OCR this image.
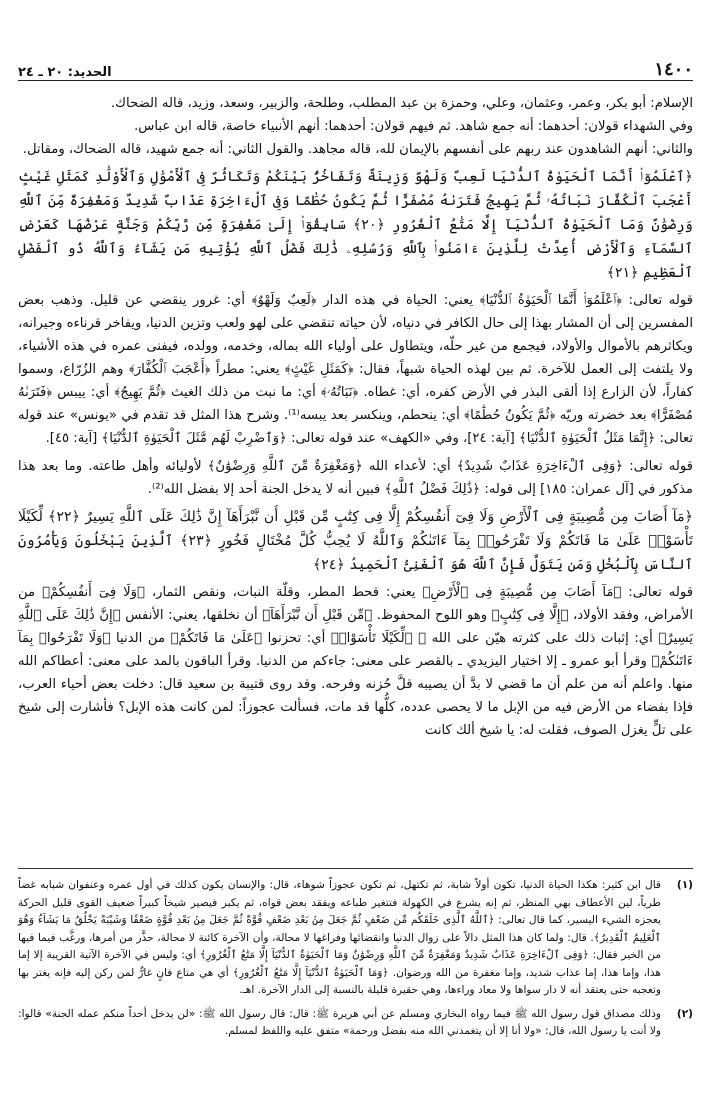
١٤٠٠
الحديد: ٢٠ ـ ٢٤

الإسلام: أبو بكر، وعمر، وعثمان، وعلي، وحمزة بن عبد المطلب، وطلحة، والزبير، وسعد، وزيد، قاله الضحاك.

وفي الشهداء قولان: أحدهما: أنه جمع شاهد. ثم فيهم قولان: أحدهما: أنهم الأنبياء خاصة، قاله ابن عباس.

والثاني: أنهم الشاهدون عند ربهم على أنفسهم بالإيمان لله، قاله مجاهد. والقول الثاني: أنه جمع شهيد، قاله الضحاك، ومقاتل.

﴿ٱعْلَمُوٓا۟ أَنَّمَا ٱلْحَيَوٰةُ ٱلدُّنْيَا لَعِبٌ وَلَهْوٌ وَزِينَةٌ وَتَفَاخُرٌۢ بَيْنَكُمْ وَتَكَاثُرٌ فِى ٱلْأَمْوَٰلِ وَٱلْأَوْلَٰدِ كَمَثَلِ غَيْثٍ أَعْجَبَ ٱلْكُفَّارَ نَبَاتُهُۥ ثُمَّ يَهِيجُ فَتَرَىٰهُ مُصْفَرًّا ثُمَّ يَكُونُ حُطَٰمًا وَفِى ٱلْءَاخِرَةِ عَذَابٌ شَدِيدٌ وَمَغْفِرَةٌ مِّنَ ٱللَّهِ وَرِضْوَٰنٌ وَمَا ٱلْحَيَوٰةُ ٱلدُّنْيَآ إِلَّا مَتَٰعُ ٱلْغُرُورِ ﴿٢٠﴾ سَابِقُوٓا۟ إِلَىٰ مَغْفِرَةٍ مِّن رَّبِّكُمْ وَجَنَّةٍ عَرْضُهَا كَعَرْضِ ٱلسَّمَآءِ وَٱلْأَرْضِ أُعِدَّتْ لِلَّذِينَ ءَامَنُوا۟ بِٱللَّهِ وَرُسُلِهِۦ ذَٰلِكَ فَضْلُ ٱللَّهِ يُؤْتِيهِ مَن يَشَآءُ وَٱللَّهُ ذُو ٱلْفَضْلِ ٱلْعَظِيمِ ﴿٢١﴾

قوله تعالى: ﴿ٱعْلَمُوٓا۟ أَنَّمَا ٱلْحَيَوٰةُ ٱلدُّنْيَا﴾ يعني: الحياة في هذه الدار ﴿لَعِبٌ وَلَهْوٌ﴾ أي: غرور ينقضي عن قليل. وذهب بعض المفسرين إلى أن المشار بهذا إلى حال الكافر في دنياه، لأن حياته تنقضي على لهو ولعب وتزين الدنيا، ويفاخر قرناءه وجيرانه، ويكاثرهم بالأموال والأولاد، فيجمع من غير حلّه، ويتطاول على أولياء الله بماله، وخدمه، وولده، فيفنى عمره في هذه الأشياء، ولا يلتفت إلى العمل للآخرة. ثم بين لهذه الحياة شبهاً، فقال: ﴿كَمَثَلِ غَيْثٍ﴾ يعني: مطراً ﴿أَعْجَبَ ٱلْكُفَّارَ﴾ وهم الزُرّاع، وسموا كفاراً، لأن الزارع إذا ألقى البذر في الأرض كفره، أي: غطاه. ﴿نَبَاتُهُۥ﴾ أي: ما نبت من ذلك الغيث ﴿ثُمَّ يَهِيجُ﴾ أي: ييبس ﴿فَتَرَىٰهُ مُصْفَرًّا﴾ بعد خضرته وريّه ﴿ثُمَّ يَكُونُ حُطَٰمًا﴾ أي: ينحطم، وينكسر بعد يبسه⁽¹⁾. وشرح هذا المثل قد تقدم في «يونس» عند قوله تعالى: ﴿إِنَّمَا مَثَلُ ٱلْحَيَوٰةِ ٱلدُّنْيَا﴾ [آية: ٢٤]، وفي «الكهف» عند قوله تعالى: ﴿وَٱضْرِبْ لَهُم مَّثَلَ ٱلْحَيَوٰةِ ٱلدُّنْيَا﴾ [آية: ٤٥].

قوله تعالى: ﴿وَفِى ٱلْءَاخِرَةِ عَذَابٌ شَدِيدٌ﴾ أي: لأعداء الله ﴿وَمَغْفِرَةٌ مِّنَ ٱللَّهِ وَرِضْوَٰنٌ﴾ لأوليائه وأهل طاعته. وما بعد هذا مذكور في [آل عمران: ١٨٥] إلى قوله: ﴿ذَٰلِكَ فَضْلُ ٱللَّهِ﴾ فبين أنه لا يدخل الجنة أحد إلا بفضل الله⁽²⁾.

﴿مَآ أَصَابَ مِن مُّصِيبَةٍ فِى ٱلْأَرْضِ وَلَا فِىٓ أَنفُسِكُمْ إِلَّا فِى كِتَٰبٍ مِّن قَبْلِ أَن نَّبْرَأَهَآ إِنَّ ذَٰلِكَ عَلَى ٱللَّهِ يَسِيرٌ ﴿٢٢﴾ لِّكَيْلَا تَأْسَوْا۟ عَلَىٰ مَا فَاتَكُمْ وَلَا تَفْرَحُوا۟ بِمَآ ءَاتَىٰكُمْ وَٱللَّهُ لَا يُحِبُّ كُلَّ مُخْتَالٍ فَخُورٍ ﴿٢٣﴾ ٱلَّذِينَ يَبْخَلُونَ وَيَأْمُرُونَ ٱلنَّاسَ بِٱلْبُخْلِ وَمَن يَتَوَلَّ فَإِنَّ ٱللَّهَ هُوَ ٱلْغَنِىُّ ٱلْحَمِيدُ ﴿٢٤﴾

قوله تعالى: ﴿مَآ أَصَابَ مِن مُّصِيبَةٍ فِى ٱلْأَرْضِ﴾ يعني: قحط المطر، وقلّة النبات، ونقص الثمار، ﴿وَلَا فِىٓ أَنفُسِكُمْ﴾ من الأمراض، وفقد الأولاد، ﴿إِلَّا فِى كِتَٰبٍ﴾ وهو اللوح المحفوظ. ﴿مِّن قَبْلِ أَن نَّبْرَأَهَآ﴾ أن نخلقها، يعني: الأنفس ﴿إِنَّ ذَٰلِكَ عَلَى ٱللَّهِ يَسِيرٌ﴾ أي: إثبات ذلك على كثرته هيّن على الله ﷻ ﴿لِّكَيْلَا تَأْسَوْا۟﴾ أي: تحزنوا ﴿عَلَىٰ مَا فَاتَكُمْ﴾ من الدنيا ﴿وَلَا تَفْرَحُوا۟ بِمَآ ءَاتَىٰكُمْ﴾ وقرأ أبو عمرو ـ إلا اختيار اليزيدي ـ بالقصر على معنى: جاءكم من الدنيا. وقرأ الباقون بالمد على معنى: أعطاكم الله منها. واعلم أنه من علم أن ما قضي لا بدَّ أن يصيبه قلَّ حُزنه وفرحه. وقد روى قتيبة بن سعيد قال: دخلت بعض أحياء العرب، فإذا بفضاء من الأرض فيه من الإبل ما لا يحصى عدده، كلُّها قد مات، فسألت عجوزاً: لمن كانت هذه الإبل؟ فأشارت إلى شيخ على تلٍّ يغزل الصوف، فقلت له: يا شيخ ألك كانت

(١)
قال ابن كثير: هكذا الحياة الدنيا، تكون أولاً شابة، ثم تكتهل، ثم تكون عجوزاً شوهاء، قال: والإنسان يكون كذلك في أول عمره وعنفوان شبابه غضاً طرياً، لين الأعطاف بهي المنظر، ثم إنه يشرع في الكهولة فتتغير طباعه ويفقد بعض قواه، ثم يكبر فيصير شيخاً كبيراً ضعيف القوى قليل الحركة يعجزه الشيء اليسير، كما قال تعالى: ﴿ٱللَّهُ ٱلَّذِى خَلَقَكُم مِّن ضَعْفٍ ثُمَّ جَعَلَ مِنۢ بَعْدِ ضَعْفٍ قُوَّةً ثُمَّ جَعَلَ مِنۢ بَعْدِ قُوَّةٍ ضَعْفًا وَشَيْبَةً يَخْلُقُ مَا يَشَآءُ وَهُوَ ٱلْعَلِيمُ ٱلْقَدِيرُ﴾. قال: ولما كان هذا المثل دالاً على زوال الدنيا وانقضائها وفراغها لا محالة، وأن الآخرة كائنة لا محالة، حذَّر من أمرها، ورغَّب فيما فيها من الخير فقال: ﴿وَفِى ٱلْءَاخِرَةِ عَذَابٌ شَدِيدٌ وَمَغْفِرَةٌ مِّنَ ٱللَّهِ وَرِضْوَٰنٌ وَمَا ٱلْحَيَوٰةُ ٱلدُّنْيَآ إِلَّا مَتَٰعُ ٱلْغُرُورِ﴾ أي: وليس في الآخرة الآتية القريبة إلا إما هذا، وإما هذا، إما عذاب شديد، وإما مغفرة من الله ورضوان. ﴿وَمَا ٱلْحَيَوٰةُ ٱلدُّنْيَآ إِلَّا مَتَٰعُ ٱلْغُرُورِ﴾ أي هي متاع فانٍ غارٌّ لمن ركن إليه فإنه يغتر بها وتعجبه حتى يعتقد أنه لا دار سواها ولا معاد وراءها، وهي حقيرة قليلة بالنسبة إلى الدار الآخرة. اهـ.
(٢)
وذلك مصداق قول رسول الله ﷺ فيما رواه البخاري ومسلم عن أبي هريرة ﷺ: قال: قال رسول الله ﷺ: «لن يدخل أحداً منكم عمله الجنة» قالوا: ولا أنت يا رسول الله، قال: «ولا أنا إلا أن يتغمدني الله منه بفضل ورحمة» متفق عليه واللفظ لمسلم.
